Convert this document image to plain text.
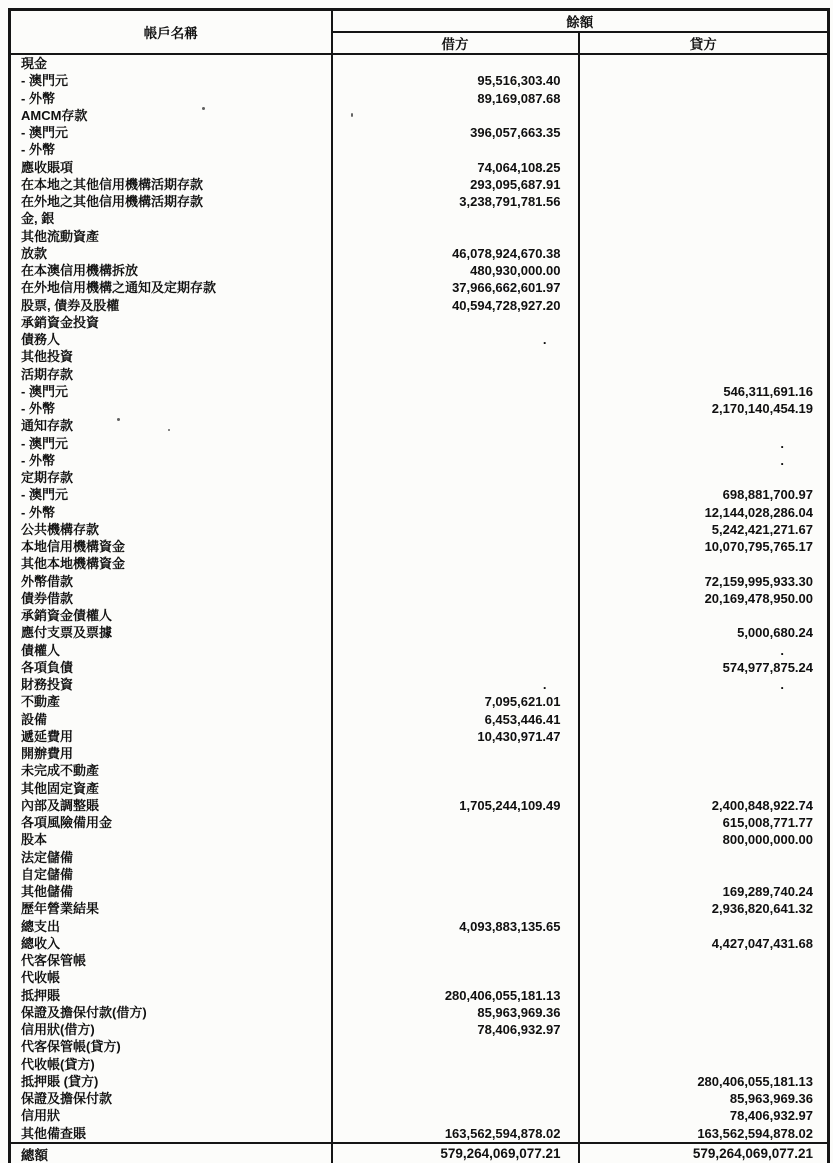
帳戶名稱	餘額	
	借方	貸方
現金		
- 澳門元	95,516,303.40	
- 外幣	89,169,087.68	
AMCM存款		
- 澳門元	396,057,663.35	
- 外幣		
應收賬項	74,064,108.25	
在本地之其他信用機構活期存款	293,095,687.91	
在外地之其他信用機構活期存款	3,238,791,781.56	
金, 銀		
其他流動資產		
放款	46,078,924,670.38	
在本澳信用機構拆放	480,930,000.00	
在外地信用機構之通知及定期存款	37,966,662,601.97	
股票, 債券及股權	40,594,728,927.20	
承銷資金投資		
債務人	.	
其他投資		
活期存款		
- 澳門元		546,311,691.16
- 外幣		2,170,140,454.19
通知存款		
- 澳門元		.
- 外幣		.
定期存款		
- 澳門元		698,881,700.97
- 外幣		12,144,028,286.04
公共機構存款		5,242,421,271.67
本地信用機構資金		10,070,795,765.17
其他本地機構資金		
外幣借款		72,159,995,933.30
債券借款		20,169,478,950.00
承銷資金債權人		
應付支票及票據		5,000,680.24
債權人		.
各項負債		574,977,875.24
財務投資	.	.
不動產	7,095,621.01	
設備	6,453,446.41	
遞延費用	10,430,971.47	
開辦費用		
未完成不動產		
其他固定資產		
內部及調整賬	1,705,244,109.49	2,400,848,922.74
各項風險備用金		615,008,771.77
股本		800,000,000.00
法定儲備		
自定儲備		
其他儲備		169,289,740.24
歷年營業結果		2,936,820,641.32
總支出	4,093,883,135.65	
總收入		4,427,047,431.68
代客保管帳		
代收帳		
抵押賬	280,406,055,181.13	
保證及擔保付款(借方)	85,963,969.36	
信用狀(借方)	78,406,932.97	
代客保管帳(貸方)		
代收帳(貸方)		
抵押賬 (貸方)		280,406,055,181.13
保證及擔保付款		85,963,969.36
信用狀		78,406,932.97
其他備查賬	163,562,594,878.02	163,562,594,878.02
總額	579,264,069,077.21	579,264,069,077.21
